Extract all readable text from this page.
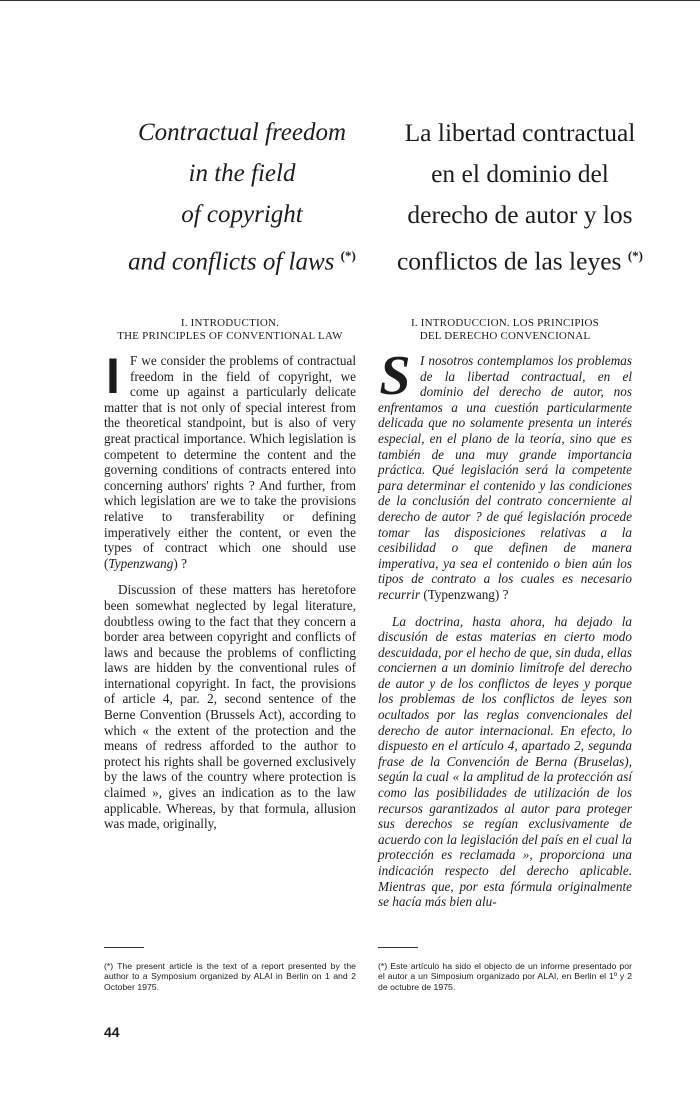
Contractual freedom
in the field
of copyright
and conflicts of laws (*)
La libertad contractual
en el dominio del
derecho de autor y los
conflictos de las leyes (*)
I. INTRODUCTION.
THE PRINCIPLES OF CONVENTIONAL LAW

I F we consider the problems of contractual freedom in the field of copyright, we come up against a particularly delicate matter that is not only of special interest from the theoretical standpoint, but is also of very great practical importance. Which legislation is competent to determine the content and the governing conditions of contracts entered into concerning authors' rights ? And further, from which legislation are we to take the provisions relative to transferability or defining imperatively either the content, or even the types of contract which one should use (Typenzwang) ?

Discussion of these matters has heretofore been somewhat neglected by legal literature, doubtless owing to the fact that they concern a border area between copyright and conflicts of laws and because the problems of conflicting laws are hidden by the conventional rules of international copyright. In fact, the provisions of article 4, par. 2, second sentence of the Berne Convention (Brussels Act), according to which « the extent of the protection and the means of redress afforded to the author to protect his rights shall be governed exclusively by the laws of the country where protection is claimed », gives an indication as to the law applicable. Whereas, by that formula, allusion was made, originally,

I. INTRODUCCION. LOS PRINCIPIOS
DEL DERECHO CONVENCIONAL

S I nosotros contemplamos los problemas de la libertad contractual, en el dominio del derecho de autor, nos enfrentamos a una cuestión particularmente delicada que no solamente presenta un interés especial, en el plano de la teoría, sino que es también de una muy grande importancia práctica. Qué legislación será la competente para determinar el contenido y las condiciones de la conclusión del contrato concerniente al derecho de autor ? de qué legislación procede tomar las disposiciones relativas a la cesibilidad o que definen de manera imperativa, ya sea el contenido o bien aún los tipos de contrato a los cuales es necesario recurrir (Typenzwang) ?

La doctrina, hasta ahora, ha dejado la discusión de estas materias en cierto modo descuidada, por el hecho de que, sin duda, ellas conciernen a un dominio limítrofe del derecho de autor y de los conflictos de leyes y porque los problemas de los conflictos de leyes son ocultados por las reglas convencionales del derecho de autor internacional. En efecto, lo dispuesto en el artículo 4, apartado 2, segunda frase de la Convención de Berna (Bruselas), según la cual « la amplitud de la protección así como las posibilidades de utilización de los recursos garantizados al autor para proteger sus derechos se regían exclusivamente de acuerdo con la legislación del país en el cual la protección es reclamada », proporciona una indicación respecto del derecho aplicable. Mientras que, por esta fórmula originalmente se hacía más bien alu-

(*) The present article is the text of a report presented by the author to a Symposium organized by ALAI in Berlin on 1 and 2 October 1975.
(*) Este artículo ha sido el objecto de un informe presentado por el autor a un Simposium organizado por ALAI, en Berlin el 1º y 2 de octubre de 1975.
44
